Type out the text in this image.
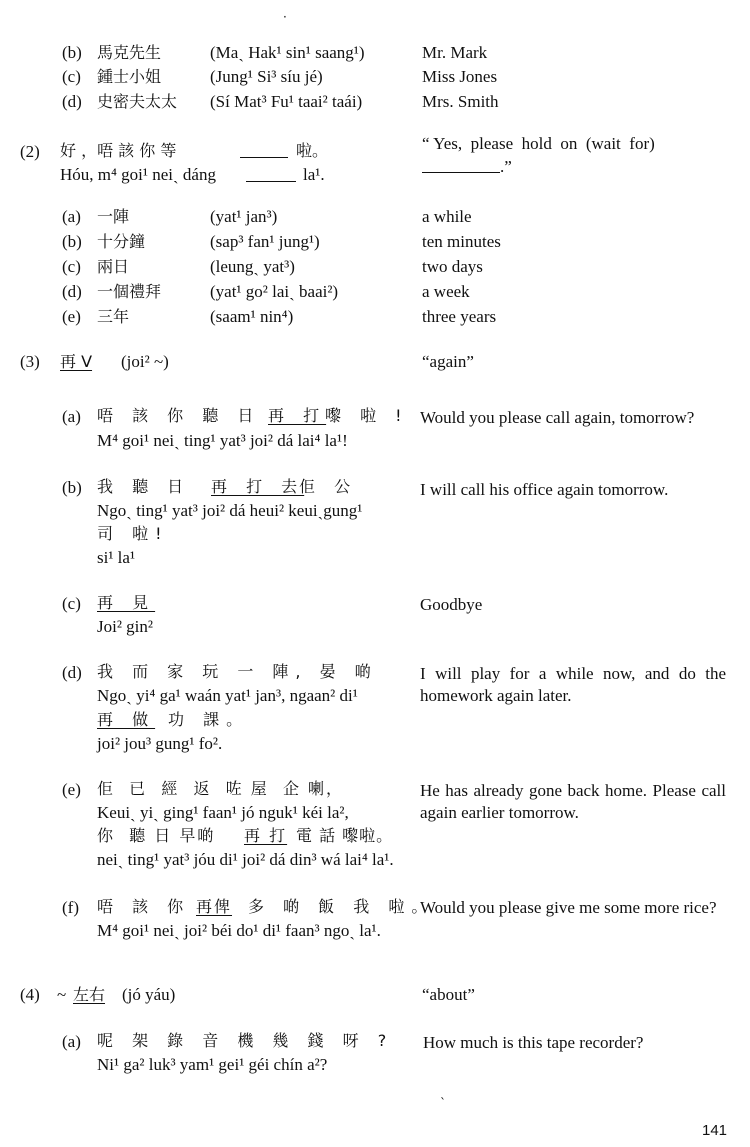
·
(b) 馬克先生	(Maˏ Hak¹ sin¹ saang¹)	Mr. Mark
(c) 鍾士小姐	(Jung¹ Si³ síu jé)	Miss Jones
(d) 史密夫太太 (Sí Mat³ Fu¹ taai² taái)	Mrs. Smith
(2) 好 ，唔 該 你 等	啦。
Hóu, m⁴ goi¹ neiˏ dáng	la¹.
“ Yes,  please  hold  on  (wait  for)
.”
(a) 一陣	(yat¹ jan³)	a while
(b) 十分鐘	(sap³ fan¹ jung¹)	ten minutes
(c) 兩日	(leungˏ yat³)	two days
(d) 一個禮拜	(yat¹ go² laiˏ baai²)	a week
(e) 三年	(saam¹ nin⁴)	three years
(3) 再 V (joi² ~)	“again”
(a) 唔 該 你 聽 日 再 打
嚟 啦 !
M⁴ goi¹ neiˏ ting¹ yat³ joi² dá lai⁴ la¹!
Would you please call again, tomorrow?
(b) 我 聽 日 再 打 去
佢 公
Ngoˏ ting¹ yat³ joi² dá heui² keuiˏgung¹
司 啦!
si¹ la¹
I will call his office again tomorrow.
(c) 再 見
Joi² gin²
Goodbye
(d) 我 而 家 玩 一 陣, 晏 啲
Ngoˏ yi⁴ ga¹ waán yat¹ jan³, ngaan² di¹
再 做 功 課。
joi² jou³ gung¹ fo².
I will play for a while now, and do the homework again later.
(e) 佢  已  經  返  咗 屋  企 喇，
Keuiˏ yiˏ ging¹ faan¹ jó nguk¹ kéi la²,
你  聽 日 早啲 再 打 電 話 嚟啦。
neiˏ ting¹ yat³ jóu di¹ joi² dá din³ wá lai⁴ la¹.
He has already gone back home. Please call again earlier tomorrow.
(f) 唔 該 你 再俾 多 啲 飯 我 啦。
M⁴ goi¹ neiˏ joi² béi do¹ di¹ faan³ ngoˏ la¹.
Would you please give me some more rice?
(4) ~ 左右 (jó yáu)	“about”
(a) 呢 架 錄 音 機 幾 錢 呀 ?
Ni¹ ga² luk³ yam¹ gei¹ géi chín a²?
How much is this tape recorder?
ˋ
141
